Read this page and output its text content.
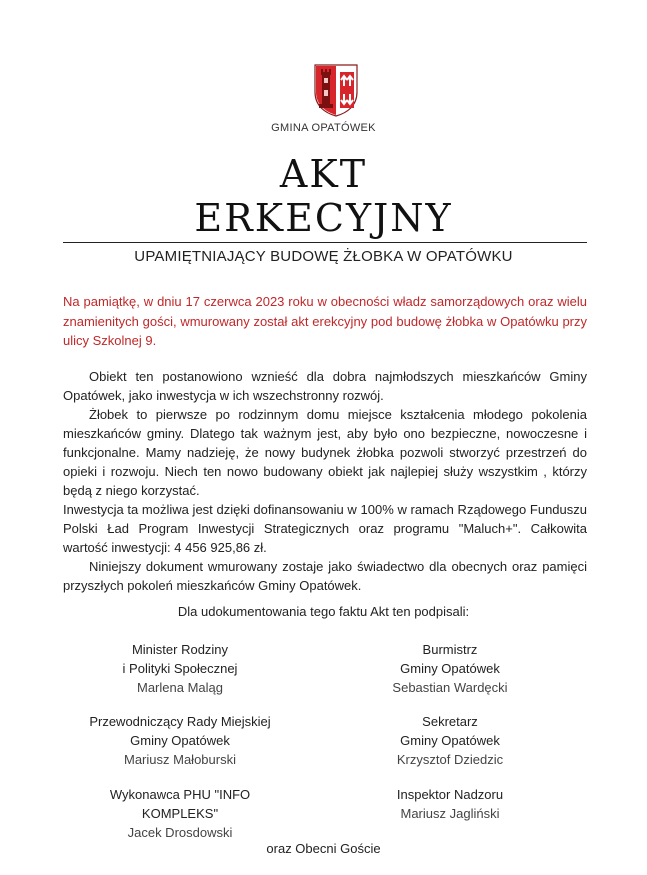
GMINA OPATÓWEK
AKT
ERKECYJNY
UPAMIĘTNIAJĄCY BUDOWĘ ŻŁOBKA W OPATÓWKU
Na pamiątkę, w dniu 17 czerwca 2023 roku w obecności władz samorządowych oraz wielu znamienitych gości, wmurowany został akt erekcyjny pod budowę żłobka w Opatówku przy ulicy Szkolnej 9.

Obiekt ten postanowiono wznieść dla dobra najmłodszych mieszkańców Gminy Opatówek, jako inwestycja w ich wszechstronny rozwój.

Żłobek to pierwsze po rodzinnym domu miejsce kształcenia młodego pokolenia mieszkańców gminy. Dlatego tak ważnym jest, aby było ono bezpieczne, nowoczesne i funkcjonalne. Mamy nadzieję, że nowy budynek żłobka pozwoli stworzyć przestrzeń do opieki i rozwoju. Niech ten nowo budowany obiekt jak najlepiej służy wszystkim , którzy będą z niego korzystać.

Inwestycja ta możliwa jest dzięki dofinansowaniu w 100% w ramach Rządowego Funduszu Polski Ład Program Inwestycji Strategicznych oraz programu "Maluch+". Całkowita wartość inwestycji: 4 456 925,86 zł.

Niniejszy dokument wmurowany zostaje jako świadectwo dla obecnych oraz pamięci przyszłych pokoleń mieszkańców Gminy Opatówek.

Dla udokumentowania tego faktu Akt ten podpisali:
Minister Rodziny
i Polityki Społecznej
Marlena Maląg
Burmistrz
Gminy Opatówek
Sebastian Wardęcki
Przewodniczący Rady Miejskiej
Gminy Opatówek
Mariusz Małoburski
Sekretarz
Gminy Opatówek
Krzysztof Dziedzic
Wykonawca PHU "INFO KOMPLEKS"
Jacek Drosdowski
Inspektor Nadzoru
Mariusz Jagliński
oraz Obecni Goście
